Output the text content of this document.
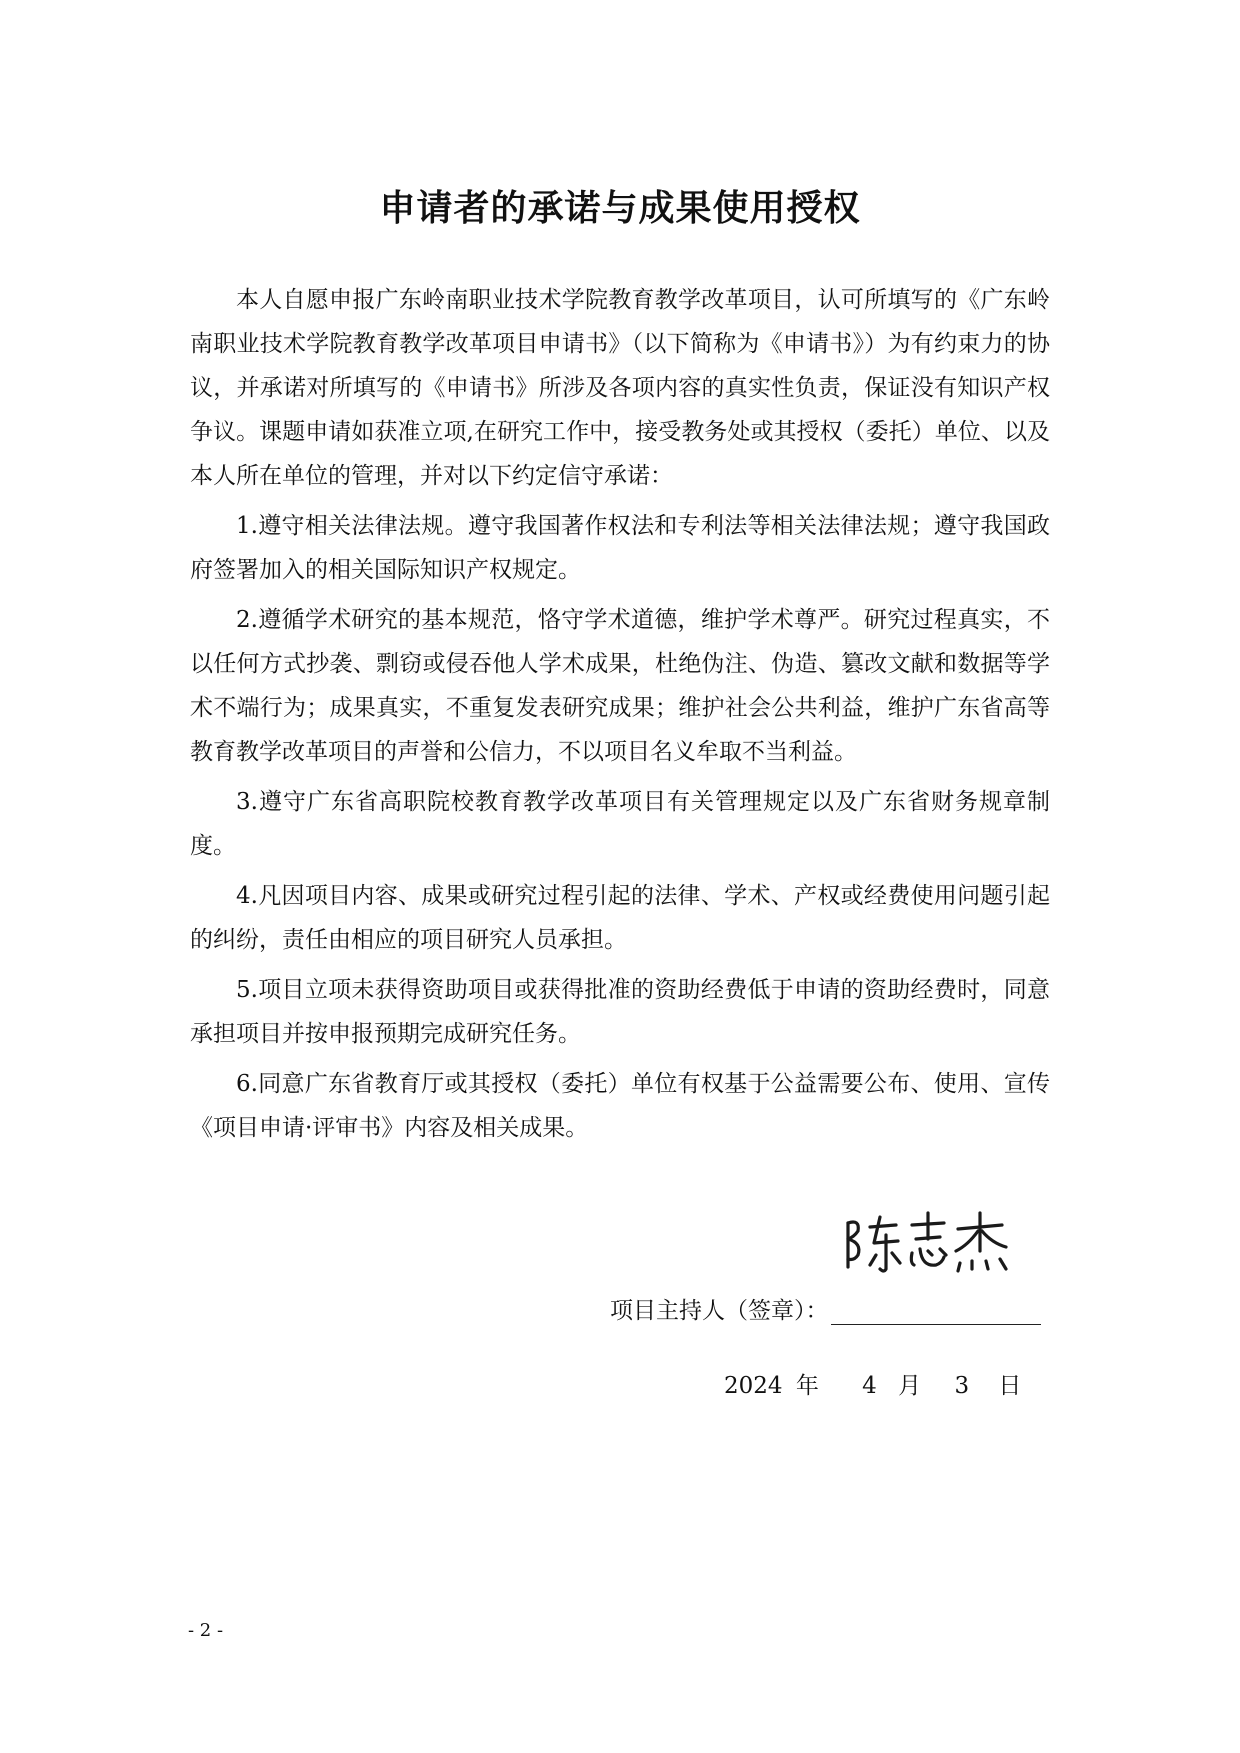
申请者的承诺与成果使用授权

本人自愿申报广东岭南职业技术学院教育教学改革项目，认可所填写的《广东岭南职业技术学院教育教学改革项目申请书》（以下简称为《申请书》）为有约束力的协议，并承诺对所填写的《申请书》所涉及各项内容的真实性负责，保证没有知识产权争议。课题申请如获准立项,在研究工作中，接受教务处或其授权（委托）单位、以及本人所在单位的管理，并对以下约定信守承诺：

1.遵守相关法律法规。遵守我国著作权法和专利法等相关法律法规；遵守我国政府签署加入的相关国际知识产权规定。

2.遵循学术研究的基本规范，恪守学术道德，维护学术尊严。研究过程真实，不以任何方式抄袭、剽窃或侵吞他人学术成果，杜绝伪注、伪造、篡改文献和数据等学术不端行为；成果真实，不重复发表研究成果；维护社会公共利益，维护广东省高等教育教学改革项目的声誉和公信力，不以项目名义牟取不当利益。

3.遵守广东省高职院校教育教学改革项目有关管理规定以及广东省财务规章制度。

4.凡因项目内容、成果或研究过程引起的法律、学术、产权或经费使用问题引起的纠纷，责任由相应的项目研究人员承担。

5.项目立项未获得资助项目或获得批准的资助经费低于申请的资助经费时，同意承担项目并按申报预期完成研究任务。

6.同意广东省教育厅或其授权（委托）单位有权基于公益需要公布、使用、宣传《项目申请·评审书》内容及相关成果。

项目主持人（签章）：
2024 年 4 月 3 日
- 2 -
